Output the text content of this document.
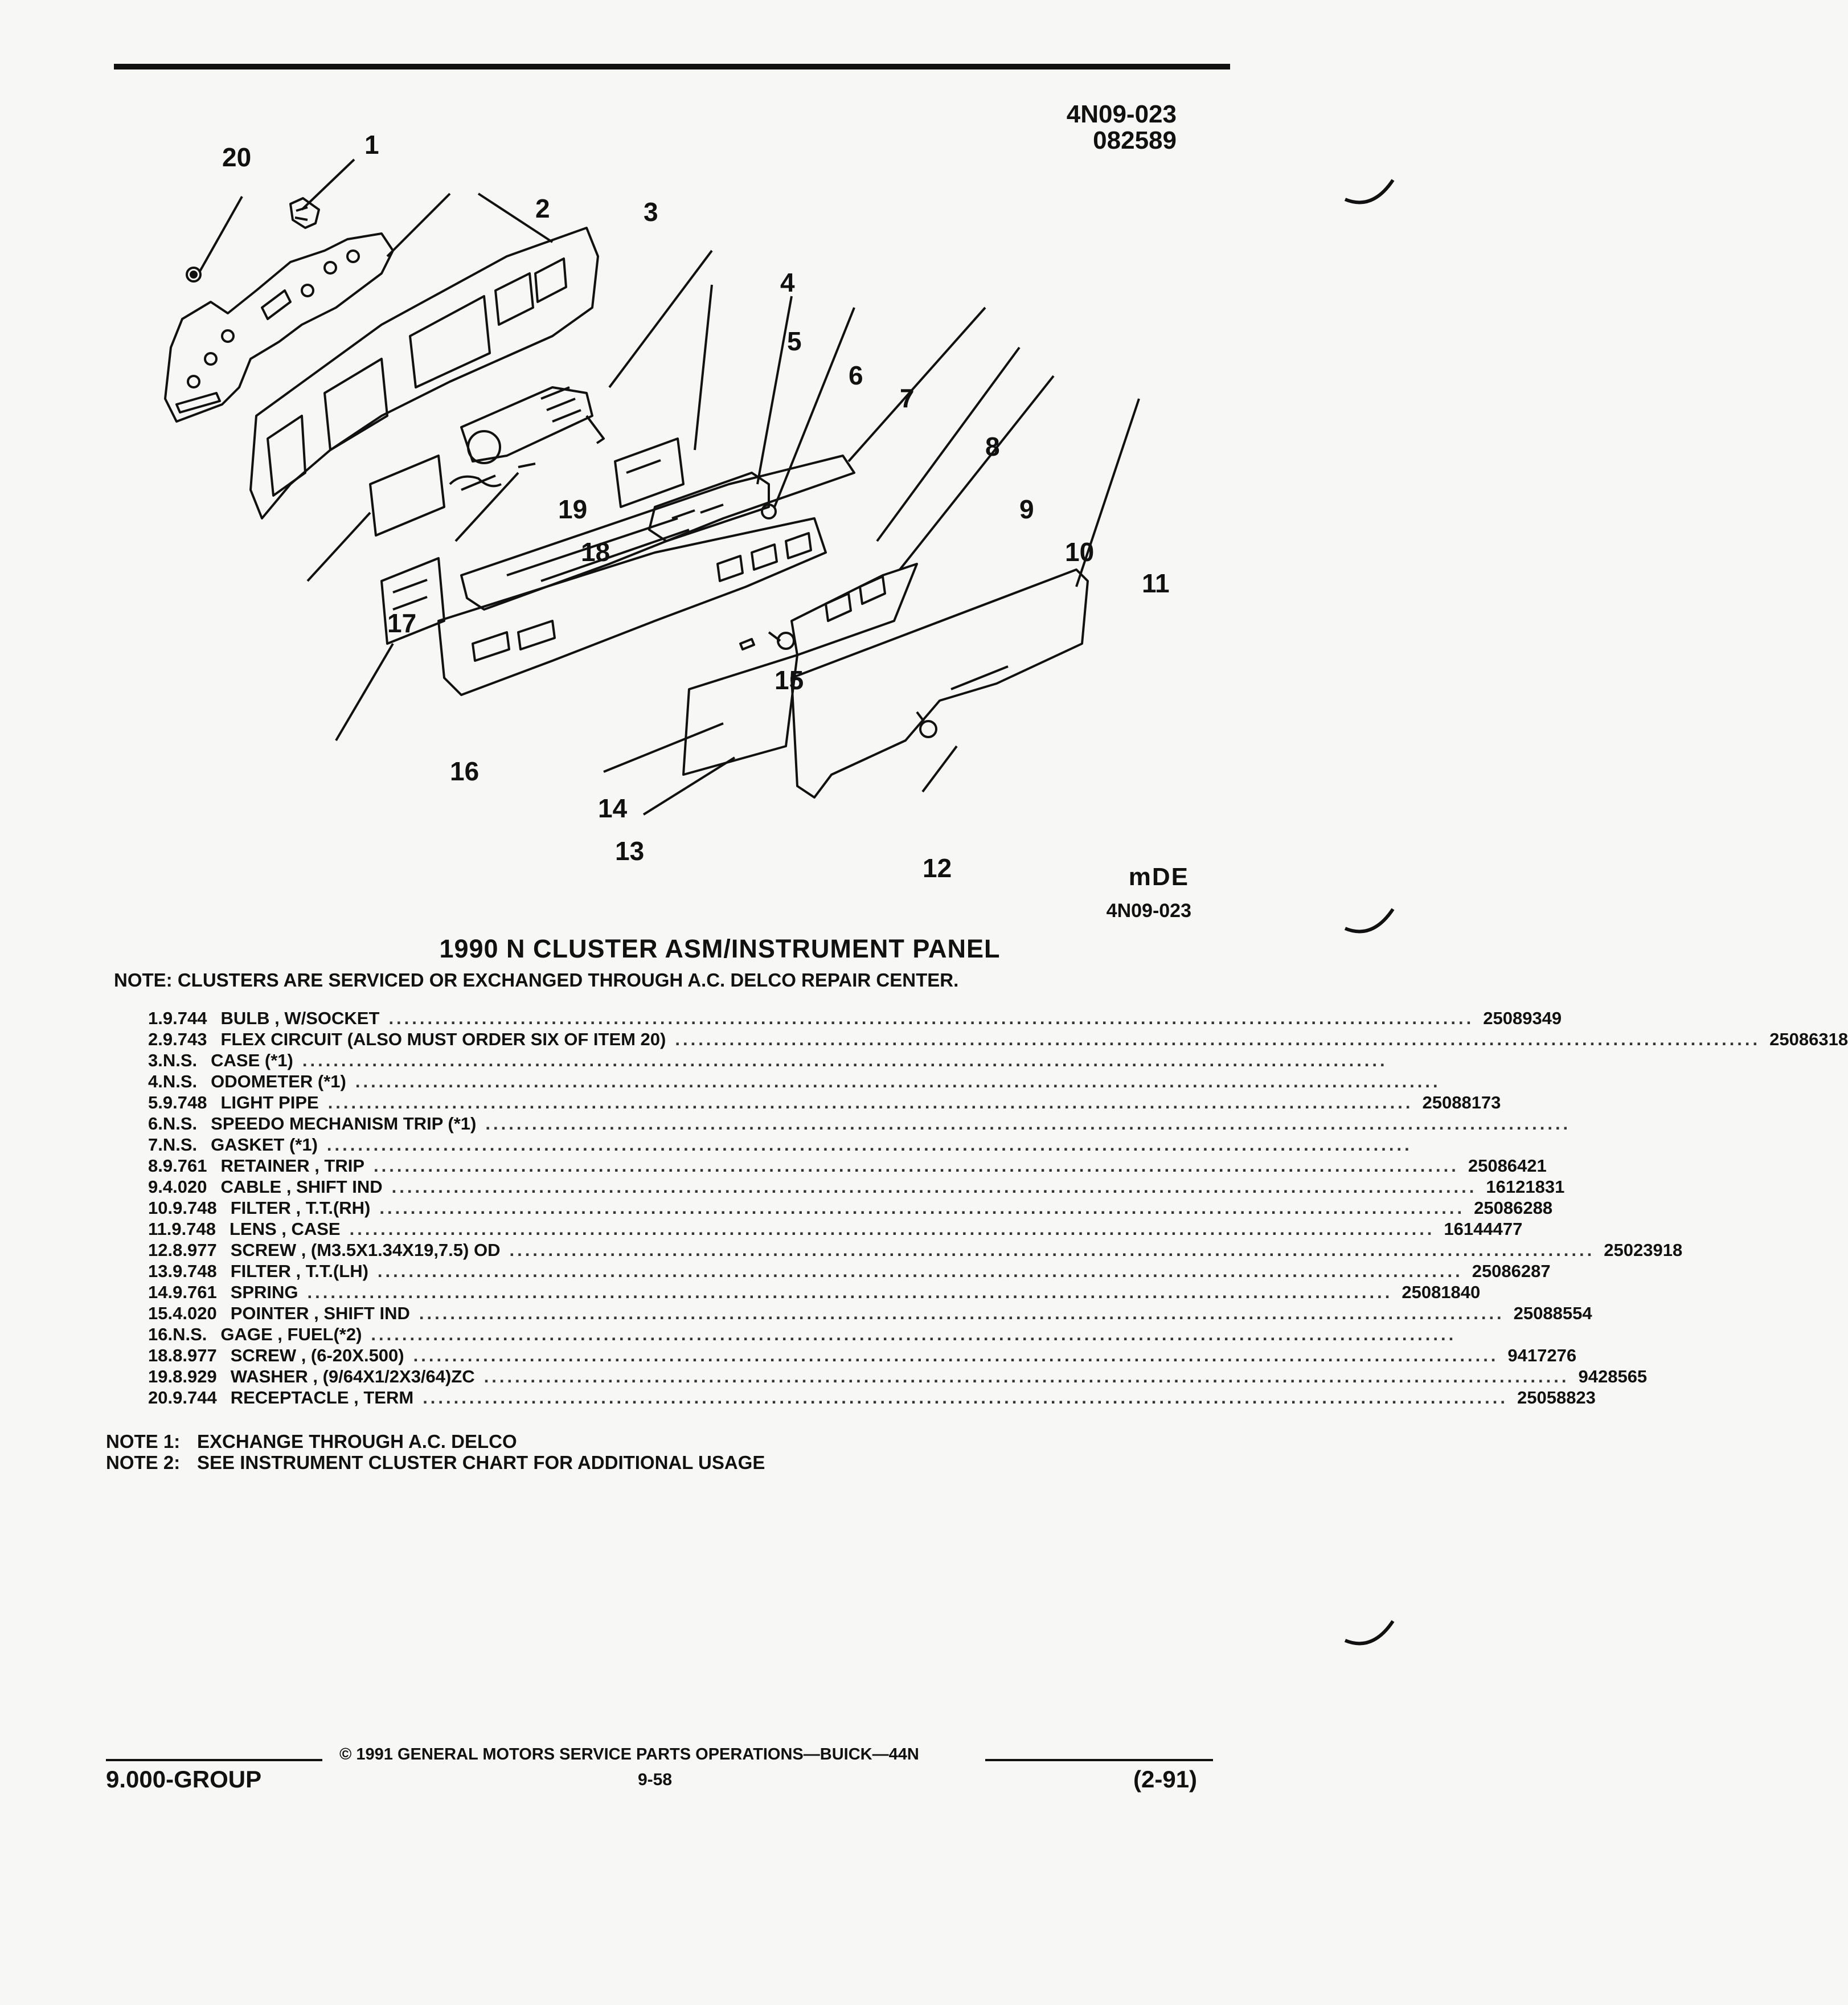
4N09-023
082589
20	1
2	3
4
5
6
7
8
9
10
11
12
13
14
15
16
17
18
19
mDE
4N09-023
1990 N CLUSTER ASM/INSTRUMENT PANEL
NOTE: CLUSTERS ARE SERVICED OR EXCHANGED THROUGH A.C. DELCO REPAIR CENTER.
1. 9.744 BULB , W/SOCKET ............................................................................................................................................ 25089349
2. 9.743 FLEX CIRCUIT (ALSO MUST ORDER SIX OF ITEM 20) ............................................................................................................................................ 25086318
3. N.S. CASE (*1) ............................................................................................................................................
4. N.S. ODOMETER (*1) ............................................................................................................................................
5. 9.748 LIGHT PIPE ............................................................................................................................................ 25088173
6. N.S. SPEEDO MECHANISM TRIP (*1) ............................................................................................................................................
7. N.S. GASKET (*1) ............................................................................................................................................
8. 9.761 RETAINER , TRIP ............................................................................................................................................ 25086421
9. 4.020 CABLE , SHIFT IND ............................................................................................................................................ 16121831
10. 9.748 FILTER , T.T.(RH) ............................................................................................................................................ 25086288
11. 9.748 LENS , CASE ............................................................................................................................................ 16144477
12. 8.977 SCREW , (M3.5X1.34X19,7.5) OD ............................................................................................................................................ 25023918
13. 9.748 FILTER , T.T.(LH) ............................................................................................................................................ 25086287
14. 9.761 SPRING ............................................................................................................................................ 25081840
15. 4.020 POINTER , SHIFT IND ............................................................................................................................................ 25088554
16. N.S. GAGE , FUEL(*2) ............................................................................................................................................
18. 8.977 SCREW , (6-20X.500) ............................................................................................................................................ 9417276
19. 8.929 WASHER , (9/64X1/2X3/64)ZC ............................................................................................................................................ 9428565
20. 9.744 RECEPTACLE , TERM ............................................................................................................................................ 25058823
NOTE 1: EXCHANGE THROUGH A.C. DELCO
NOTE 2: SEE INSTRUMENT CLUSTER CHART FOR ADDITIONAL USAGE
© 1991 GENERAL MOTORS SERVICE PARTS OPERATIONS—BUICK—44N
9.000-GROUP	9-58	(2-91)
